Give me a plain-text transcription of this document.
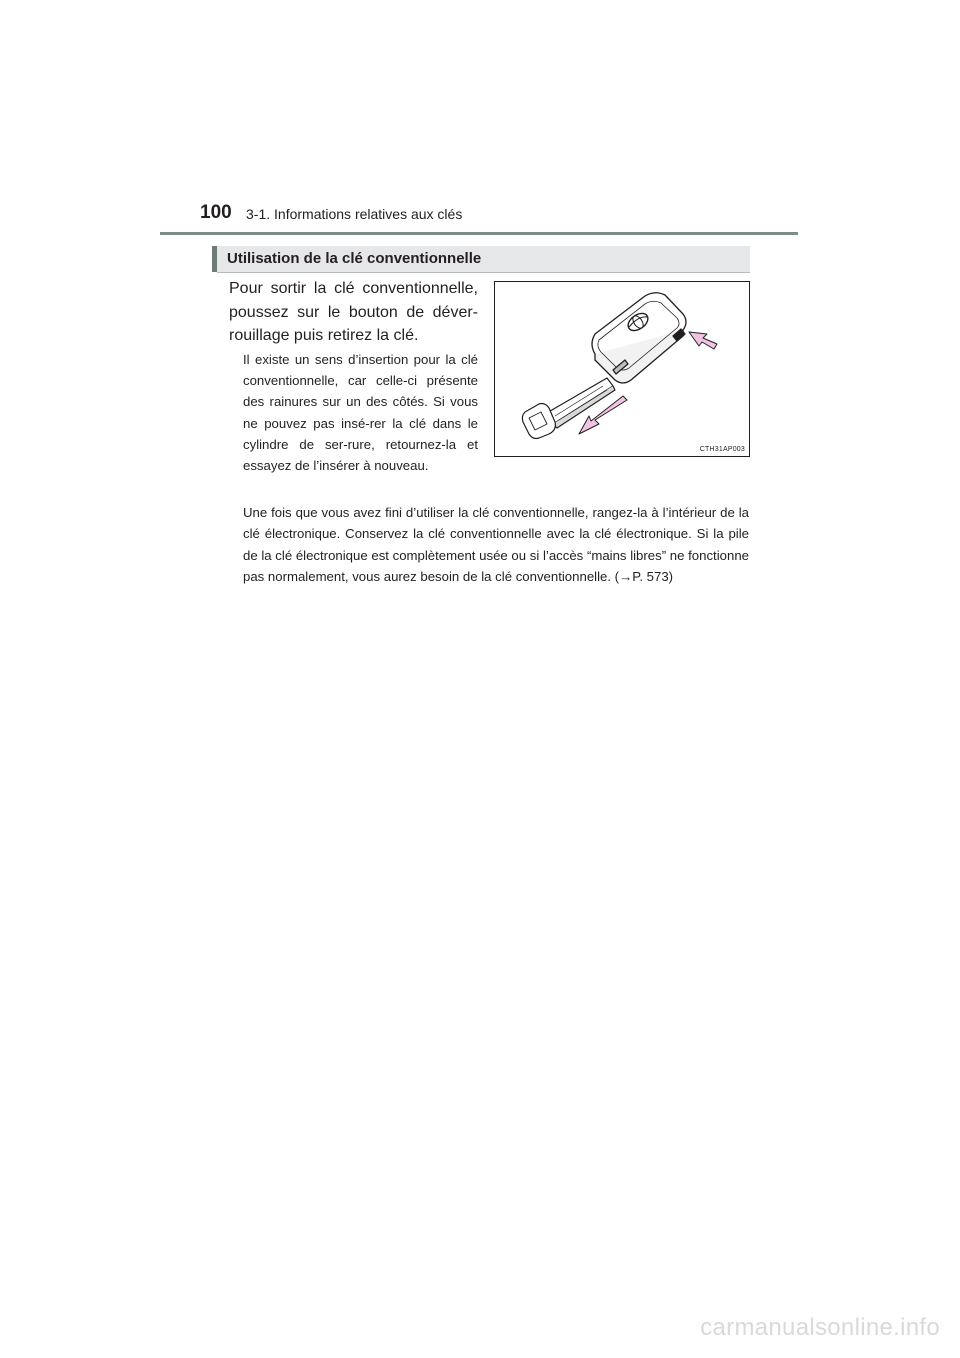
100 3-1. Informations relatives aux clés
Utilisation de la clé conventionnelle
Pour sortir la clé conventionnelle, poussez sur le bouton de déver-rouillage puis retirez la clé.
Il existe un sens d’insertion pour la clé conventionnelle, car celle-ci présente des rainures sur un des côtés. Si vous ne pouvez pas insé-rer la clé dans le cylindre de ser-rure, retournez-la et essayez de l’insérer à nouveau.
Une fois que vous avez fini d’utiliser la clé conventionnelle, rangez-la à l’intérieur de la clé électronique. Conservez la clé conventionnelle avec la clé électronique. Si la pile de la clé électronique est complètement usée ou si l’accès “mains libres” ne fonctionne pas normalement, vous aurez besoin de la clé conventionnelle. (→P. 573)
CTH31AP003
carmanualsonline.info
